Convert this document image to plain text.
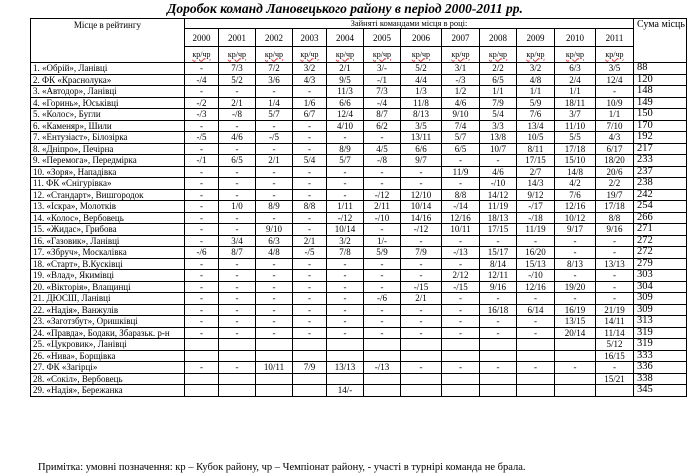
Доробок команд Лановецького району в період 2000-2011 рр.
Місце в рейтингу	Зайняті командами місця в році:												Сума місць
	2000	2001	2002	2003	2004	2005	2006	2007	2008	2009	2010	2011	
	кр/чр	кр/чр	кр/чр	кр/чр	кр/чр	кр/чр	кр/чр	кр/чр	кр/чр	кр/чр	кр/чр	кр/чр	
1. «Обрій», Ланівці	-	7/3	7/2	3/2	2/1	3/-	5/2	3/1	2/2	3/2	6/3	3/5	88
2. ФК «Краснолука»	-/4	5/2	3/6	4/3	9/5	-/1	4/4	-/3	6/5	4/8	2/4	12/4	120
3. «Автодор», Ланівці	-	-	-	-	11/3	7/3	1/3	1/2	1/1	1/1	1/1	-	148
4. «Горинь», Юськівці	-/2	2/1	1/4	1/6	6/6	-/4	11/8	4/6	7/9	5/9	18/11	10/9	149
5. «Колос», Бугли	-/3	-/8	5/7	6/7	12/4	8/7	8/13	9/10	5/4	7/6	3/7	1/1	150
6. «Каменяр», Шили	-	-	-	-	4/10	6/2	3/5	7/4	3/3	13/4	11/10	7/10	170
7. «Ентузіаст», Білозірка	-/5	4/6	-/5	-	-	-	13/11	5/7	13/8	10/5	5/5	4/3	192
8. «Дніпро», Печірна	-	-	-	-	8/9	4/5	6/6	6/5	10/7	8/11	17/18	6/17	217
9. «Перемога», Передмірка	-/1	6/5	2/1	5/4	5/7	-/8	9/7	-	-	17/15	15/10	18/20	233
10. «Зоря», Нападівка	-	-	-	-	-	-	-	11/9	4/6	2/7	14/8	20/6	237
11. ФК «Снігурівка»	-	-	-	-	-	-	-	-	-/10	14/3	4/2	2/2	238
12. «Стандарт», Вишгородок	-	-	-	-	-	-/12	12/10	8/8	14/12	9/12	7/6	19/7	242
13. «Іскра», Молотків	-	1/0	8/9	8/8	1/11	2/11	10/14	-/14	11/19	-/17	12/16	17/18	254
14. «Колос», Вербовець	-	-	-	-	-/12	-/10	14/16	12/16	18/13	-/18	10/12	8/8	266
15. «Жидас», Грибова	-	-	9/10	-	10/14	-	-/12	10/11	17/15	11/19	9/17	9/16	271
16. «Газовик», Ланівці	-	3/4	6/3	2/1	3/2	1/-	-	-	-	-	-	-	272
17. «Збруч», Москалівка	-/6	8/7	4/8	-/5	7/8	5/9	7/9	-/13	15/17	16/20	-	-	272
18. «Старт», В.Кусківці	-	-	-	-	-	-	-	-	8/14	15/13	8/13	13/13	279
19. «Влад», Якимівці	-	-	-	-	-	-	-	2/12	12/11	-/10	-	-	303
20. «Вікторія», Влащинці	-	-	-	-	-	-	-/15	-/15	9/16	12/16	19/20	-	304
21. ДЮСШ, Ланівці	-	-	-	-	-	-/6	2/1	-	-	-	-	-	309
22. «Надія», Ванжулів	-	-	-	-	-	-	-	-	16/18	6/14	16/19	21/19	309
23. «Заготзбут», Оришківці	-	-	-	-	-	-	-	-	-	-	13/15	14/11	313
24. «Правда», Бодаки, Збаразьк. р-н	-	-	-	-	-	-	-	-	-	-	20/14	11/14	319
25. «Цукровик», Ланівці												5/12	319
26. «Нива», Борщівка												16/15	333
27. ФК «Загірці»	-	-	10/11	7/9	13/13	-/13	-	-	-	-	-	-	336
28. «Сокіл», Вербовець												15/21	338
29. «Надія», Бережанка					14/-								345
Примітка: умовні позначення: кр – Кубок району, чр – Чемпіонат району, - участі в турнірі команда не брала.
